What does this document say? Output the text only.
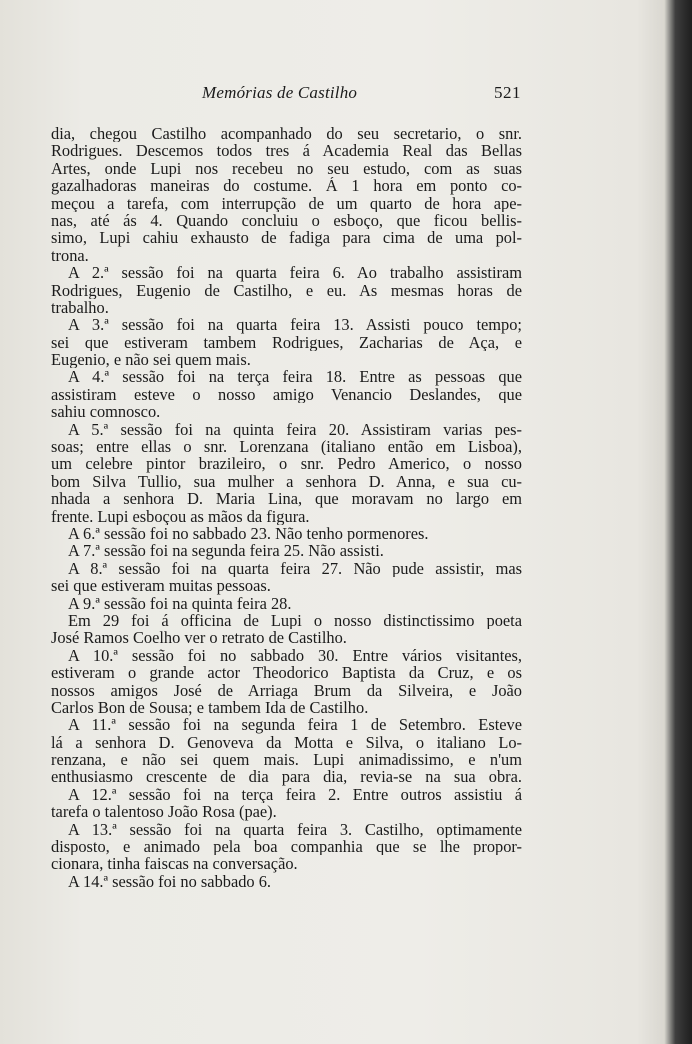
Memórias de Castilho	521
dia, chegou Castilho acompanhado do seu secretario, o snr.
Rodrigues. Descemos todos tres á Academia Real das Bellas
Artes, onde Lupi nos recebeu no seu estudo, com as suas
gazalhadoras maneiras do costume. Á 1 hora em ponto co-
meçou a tarefa, com interrupção de um quarto de hora ape-
nas, até ás 4. Quando concluiu o esboço, que ficou bellis-
simo, Lupi cahiu exhausto de fadiga para cima de uma pol-
trona.
A 2.ª sessão foi na quarta feira 6. Ao trabalho assistiram
Rodrigues, Eugenio de Castilho, e eu. As mesmas horas de
trabalho.
A 3.ª sessão foi na quarta feira 13. Assisti pouco tempo;
sei que estiveram tambem Rodrigues, Zacharias de Aça, e
Eugenio, e não sei quem mais.
A 4.ª sessão foi na terça feira 18. Entre as pessoas que
assistiram esteve o nosso amigo Venancio Deslandes, que
sahiu comnosco.
A 5.ª sessão foi na quinta feira 20. Assistiram varias pes-
soas; entre ellas o snr. Lorenzana (italiano então em Lisboa),
um celebre pintor brazileiro, o snr. Pedro Americo, o nosso
bom Silva Tullio, sua mulher a senhora D. Anna, e sua cu-
nhada a senhora D. Maria Lina, que moravam no largo em
frente. Lupi esboçou as mãos da figura.
A 6.ª sessão foi no sabbado 23. Não tenho pormenores.
A 7.ª sessão foi na segunda feira 25. Não assisti.
A 8.ª sessão foi na quarta feira 27. Não pude assistir, mas
sei que estiveram muitas pessoas.
A 9.ª sessão foi na quinta feira 28.
Em 29 foi á officina de Lupi o nosso distinctissimo poeta
José Ramos Coelho ver o retrato de Castilho.
A 10.ª sessão foi no sabbado 30. Entre vários visitantes,
estiveram o grande actor Theodorico Baptista da Cruz, e os
nossos amigos José de Arriaga Brum da Silveira, e João
Carlos Bon de Sousa; e tambem Ida de Castilho.
A 11.ª sessão foi na segunda feira 1 de Setembro. Esteve
lá a senhora D. Genoveva da Motta e Silva, o italiano Lo-
renzana, e não sei quem mais. Lupi animadissimo, e n'um
enthusiasmo crescente de dia para dia, revia-se na sua obra.
A 12.ª sessão foi na terça feira 2. Entre outros assistiu á
tarefa o talentoso João Rosa (pae).
A 13.ª sessão foi na quarta feira 3. Castilho, optimamente
disposto, e animado pela boa companhia que se lhe propor-
cionara, tinha faiscas na conversação.
A 14.ª sessão foi no sabbado 6.
